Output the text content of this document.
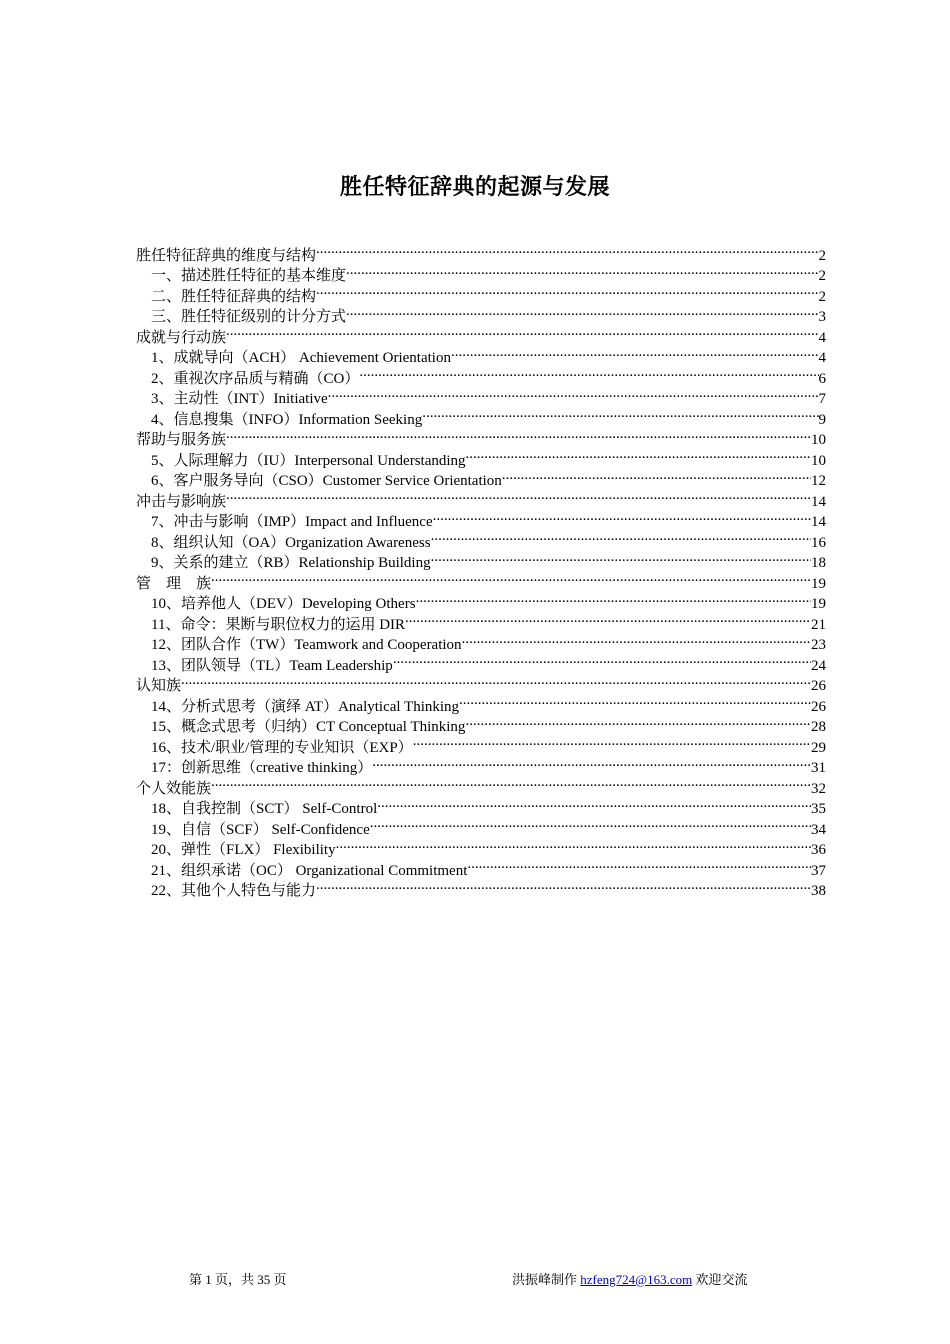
胜任特征辞典的起源与发展
胜任特征辞典的维度与结构 .....	2
一、描述胜任特征的基本维度 .....	2
二、胜任特征辞典的结构 .....	2
三、胜任特征级别的计分方式 .....	3
成就与行动族 .....	4
1、成就导向（ACH） Achievement Orientation .....	4
2、重视次序品质与精确（CO） .....	6
3、主动性（INT）Initiative .....	7
4、信息搜集（INFO）Information Seeking .....	9
帮助与服务族 .....	10
5、人际理解力（IU）Interpersonal Understanding .....	10
6、客户服务导向（CSO）Customer Service Orientation .....	12
冲击与影响族 .....	14
7、冲击与影响（IMP）Impact and Influence .....	14
8、组织认知（OA）Organization Awareness .....	16
9、关系的建立（RB）Relationship Building .....	18
管　理　族 .....	19
10、培养他人（DEV）Developing Others .....	19
11、命令：果断与职位权力的运用 DIR .....	21
12、团队合作（TW）Teamwork and Cooperation .....	23
13、团队领导（TL）Team Leadership .....	24
认知族 .....	26
14、分析式思考（演绎 AT）Analytical Thinking .....	26
15、概念式思考（归纳）CT Conceptual Thinking .....	28
16、技术/职业/管理的专业知识（EXP） .....	29
17：创新思维（creative thinking） .....	31
个人效能族 .....	32
18、自我控制（SCT） Self-Control .....	35
19、自信（SCF） Self-Confidence .....	34
20、弹性（FLX） Flexibility .....	36
21、组织承诺（OC） Organizational Commitment .....	37
22、其他个人特色与能力 .....	38
第 1 页，共 35 页	洪振峰制作 hzfeng724@163.com 欢迎交流
